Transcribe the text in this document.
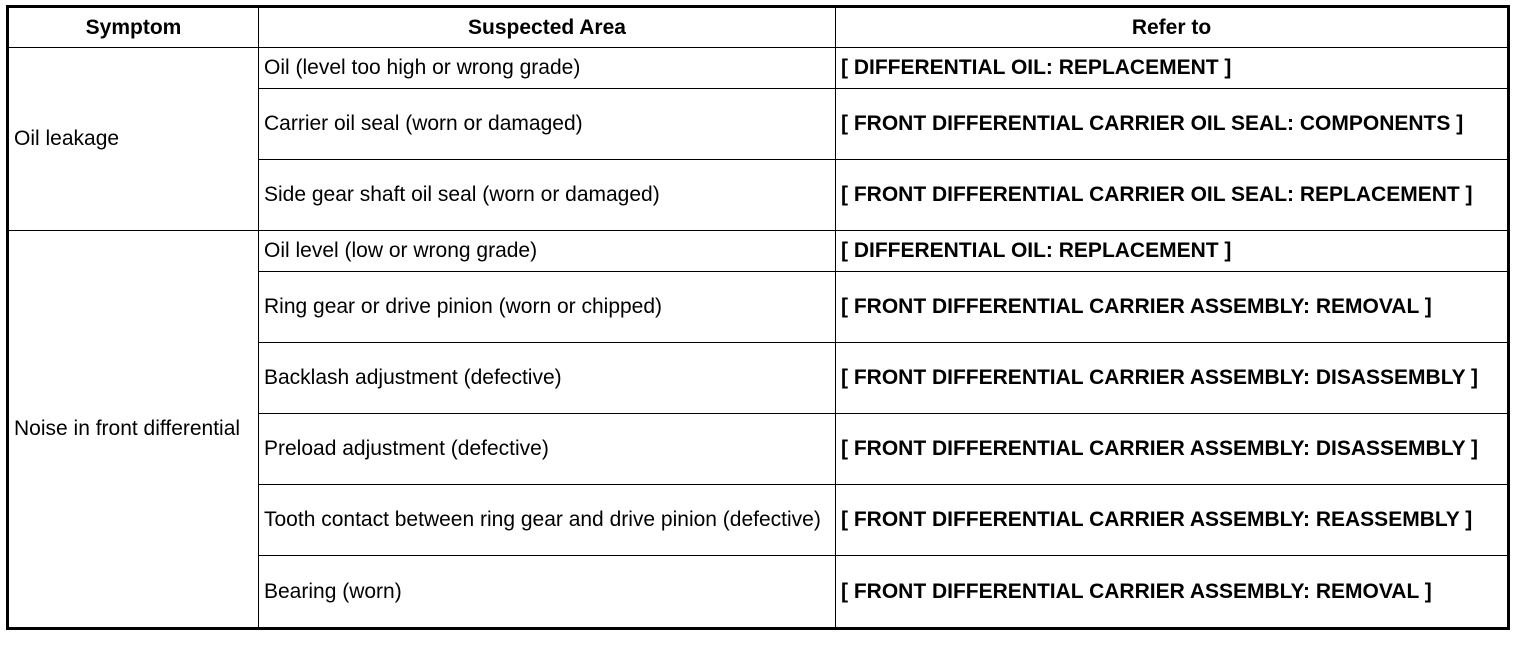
Symptom	Suspected Area	Refer to
Oil leakage	Oil (level too high or wrong grade)	[ DIFFERENTIAL OIL: REPLACEMENT ]
	Carrier oil seal (worn or damaged)	[ FRONT DIFFERENTIAL CARRIER OIL SEAL: COMPONENTS ]
	Side gear shaft oil seal (worn or damaged)	[ FRONT DIFFERENTIAL CARRIER OIL SEAL: REPLACEMENT ]
Noise in front differential	Oil level (low or wrong grade)	[ DIFFERENTIAL OIL: REPLACEMENT ]
	Ring gear or drive pinion (worn or chipped)	[ FRONT DIFFERENTIAL CARRIER ASSEMBLY: REMOVAL ]
	Backlash adjustment (defective)	[ FRONT DIFFERENTIAL CARRIER ASSEMBLY: DISASSEMBLY ]
	Preload adjustment (defective)	[ FRONT DIFFERENTIAL CARRIER ASSEMBLY: DISASSEMBLY ]
	Tooth contact between ring gear and drive pinion (defective)	[ FRONT DIFFERENTIAL CARRIER ASSEMBLY: REASSEMBLY ]
	Bearing (worn)	[ FRONT DIFFERENTIAL CARRIER ASSEMBLY: REMOVAL ]
